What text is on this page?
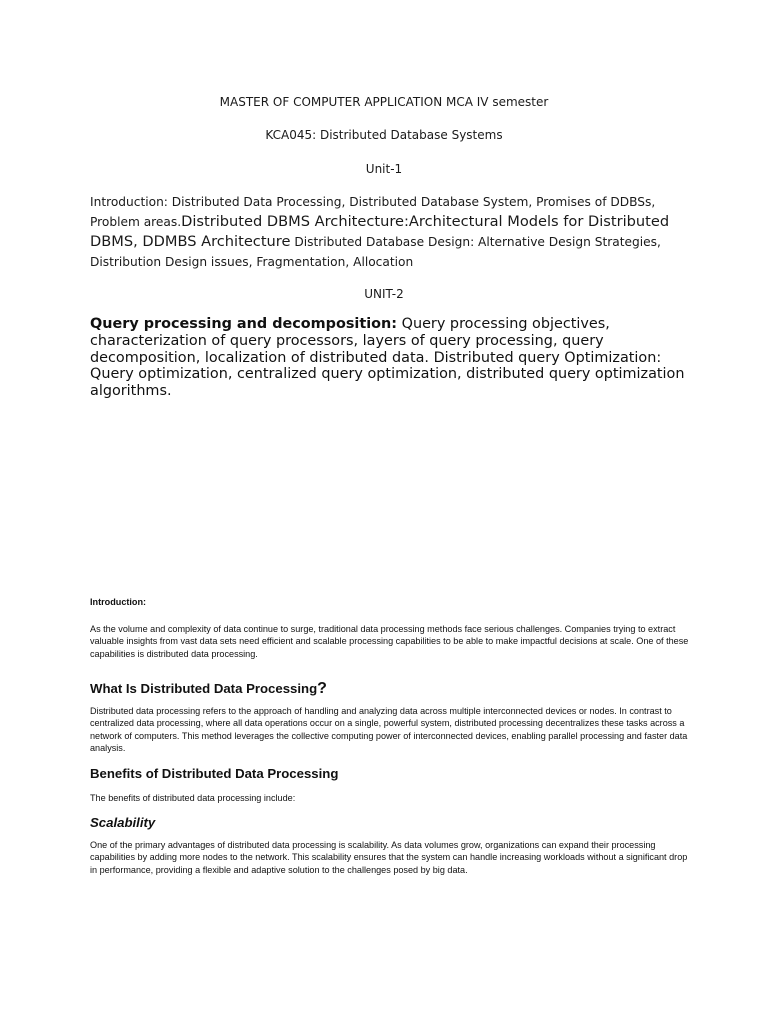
MASTER OF COMPUTER APPLICATION MCA IV semester

KCA045: Distributed Database Systems

Unit-1

Introduction: Distributed Data Processing, Distributed Database System, Promises of DDBSs, Problem areas.Distributed DBMS Architecture:Architectural Models for Distributed DBMS, DDMBS Architecture Distributed Database Design: Alternative Design Strategies, Distribution Design issues, Fragmentation, Allocation

UNIT-2

Query processing and decomposition: Query processing objectives, characterization of query processors, layers of query processing, query decomposition, localization of distributed data. Distributed query Optimization: Query optimization, centralized query optimization, distributed query optimization algorithms.

Introduction:

As the volume and complexity of data continue to surge, traditional data processing methods face serious challenges. Companies trying to extract valuable insights from vast data sets need efficient and scalable processing capabilities to be able to make impactful decisions at scale. One of these capabilities is distributed data processing.

What Is Distributed Data Processing?

Distributed data processing refers to the approach of handling and analyzing data across multiple interconnected devices or nodes. In contrast to centralized data processing, where all data operations occur on a single, powerful system, distributed processing decentralizes these tasks across a network of computers. This method leverages the collective computing power of interconnected devices, enabling parallel processing and faster data analysis.

Benefits of Distributed Data Processing

The benefits of distributed data processing include:

Scalability

One of the primary advantages of distributed data processing is scalability. As data volumes grow, organizations can expand their processing capabilities by adding more nodes to the network. This scalability ensures that the system can handle increasing workloads without a significant drop in performance, providing a flexible and adaptive solution to the challenges posed by big data.
